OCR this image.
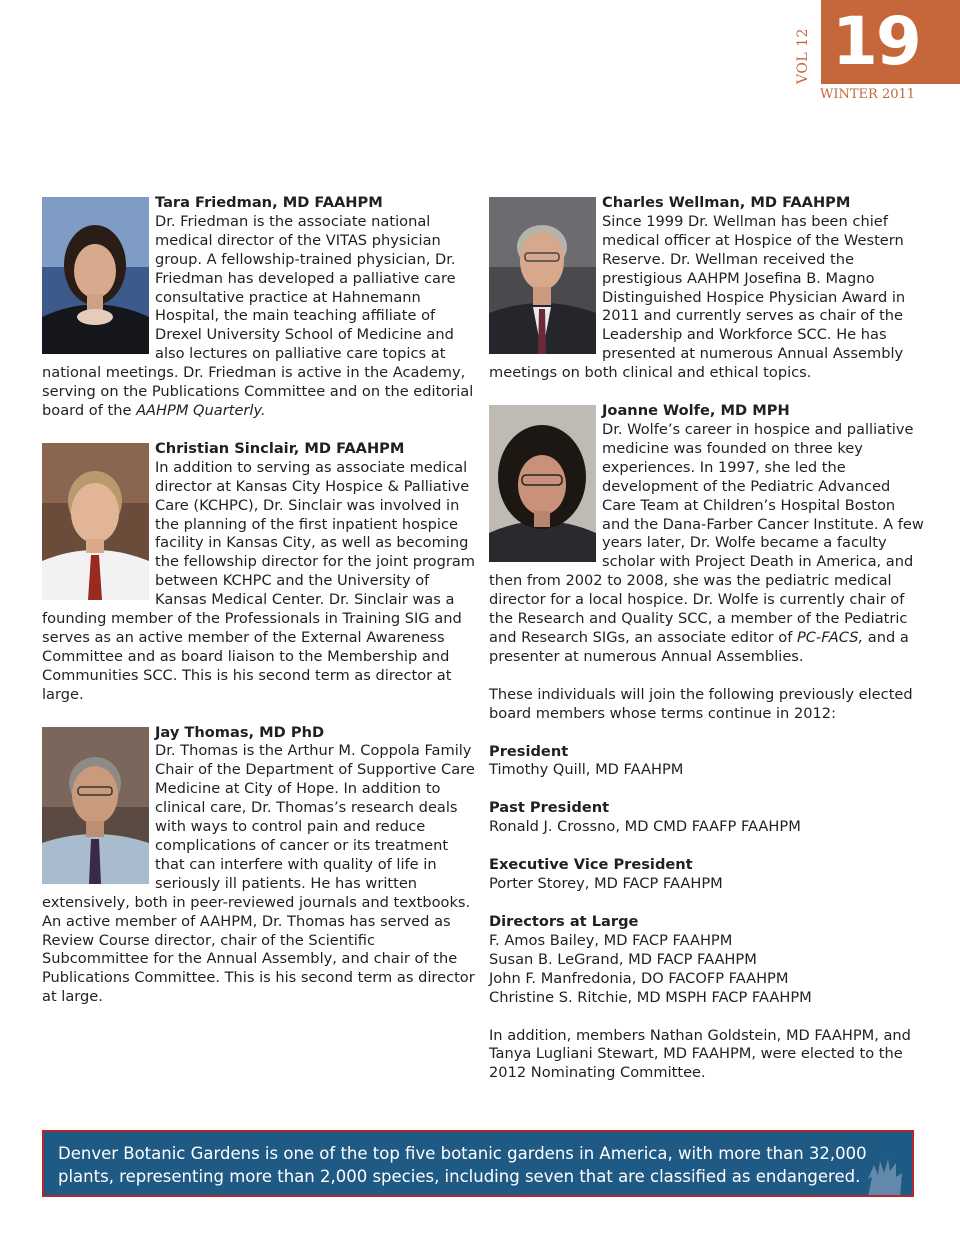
19
VOL 12
WINTER 2011
Tara Friedman, MD FAAHPM
Dr. Friedman is the associate national medical director of the VITAS physician group. A fellowship-trained physician, Dr. Friedman has developed a palliative care consultative practice at Hahnemann Hospital, the main teaching affiliate of Drexel University School of Medicine and also lectures on palliative care topics at national meetings. Dr. Friedman is active in the Academy, serving on the Publications Committee and on the editorial board of the AAHPM Quarterly.
Christian Sinclair, MD FAAHPM
In addition to serving as associate medical director at Kansas City Hospice & Palliative Care (KCHPC), Dr. Sinclair was involved in the planning of the first inpatient hospice facility in Kansas City, as well as becoming the fellowship director for the joint program between KCHPC and the University of Kansas Medical Center. Dr. Sinclair was a founding member of the Professionals in Training SIG and serves as an active member of the External Awareness Committee and as board liaison to the Membership and Communities SCC. This is his second term as director at large.
Jay Thomas, MD PhD
Dr. Thomas is the Arthur M. Coppola Family Chair of the Department of Supportive Care Medicine at City of Hope. In addition to clinical care, Dr. Thomas’s research deals with ways to control pain and reduce complications of cancer or its treatment that can interfere with quality of life in seriously ill patients. He has written extensively, both in peer-reviewed journals and textbooks. An active member of AAHPM, Dr. Thomas has served as Review Course director, chair of the Scientific Subcommittee for the Annual Assembly, and chair of the Publications Committee. This is his second term as director at large.
Charles Wellman, MD FAAHPM
Since 1999 Dr. Wellman has been chief medical officer at Hospice of the Western Reserve. Dr. Wellman received the prestigious AAHPM Josefina B. Magno Distinguished Hospice Physician Award in 2011 and currently serves as chair of the Leadership and Workforce SCC. He has presented at numerous Annual Assembly meetings on both clinical and ethical topics.
Joanne Wolfe, MD MPH
Dr. Wolfe’s career in hospice and palliative medicine was founded on three key experiences. In 1997, she led the development of the Pediatric Advanced Care Team at Children’s Hospital Boston and the Dana-Farber Cancer Institute. A few years later, Dr. Wolfe became a faculty scholar with Project Death in America, and then from 2002 to 2008, she was the pediatric medical director for a local hospice. Dr. Wolfe is currently chair of the Research and Quality SCC, a member of the Pediatric and Research SIGs, an associate editor of PC-FACS, and a presenter at numerous Annual Assemblies.
These individuals will join the following previously elected board members whose terms continue in 2012:
President
Timothy Quill, MD FAAHPM
Past President
Ronald J. Crossno, MD CMD FAAFP FAAHPM
Executive Vice President
Porter Storey, MD FACP FAAHPM
Directors at Large
F. Amos Bailey, MD FACP FAAHPM
Susan B. LeGrand, MD FACP FAAHPM
John F. Manfredonia, DO FACOFP FAAHPM
Christine S. Ritchie, MD MSPH FACP FAAHPM
In addition, members Nathan Goldstein, MD FAAHPM, and Tanya Lugliani Stewart, MD FAAHPM, were elected to the 2012 Nominating Committee.
Denver Botanic Gardens is one of the top five botanic gardens in America, with more than 32,000 plants, representing more than 2,000 species, including seven that are classified as endangered.
